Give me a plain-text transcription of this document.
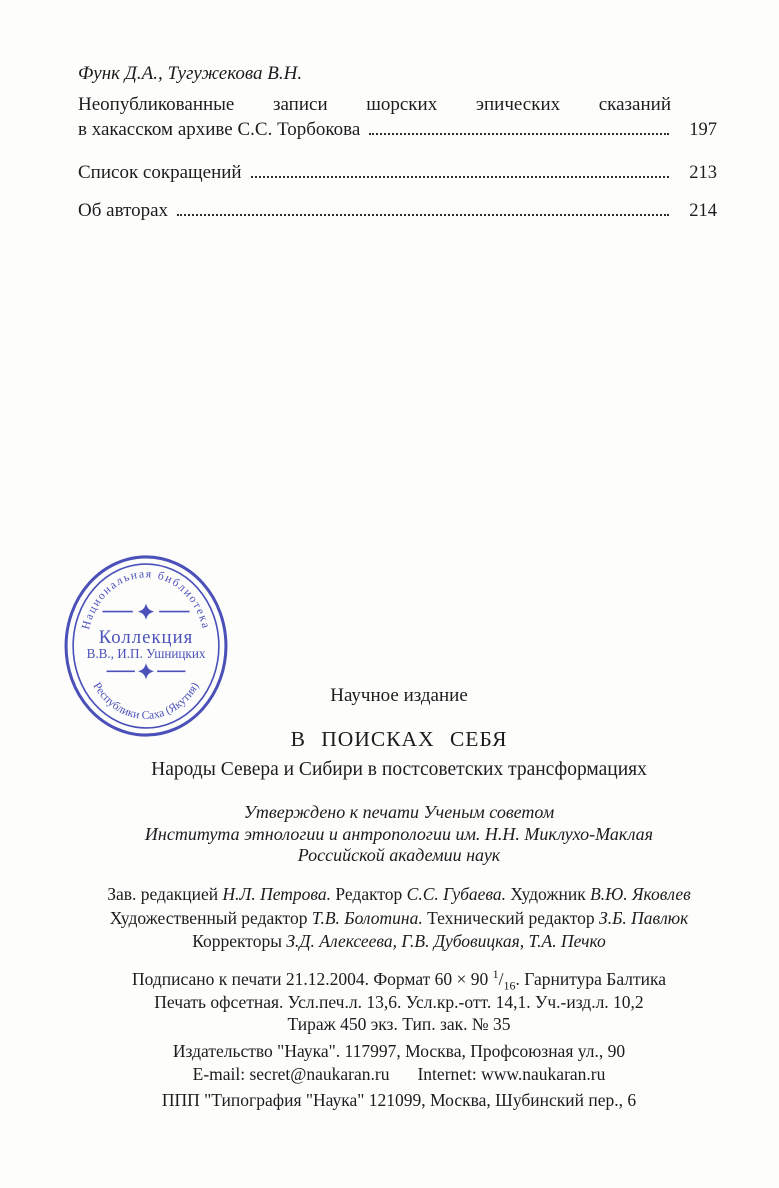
Функ Д.А., Тугужекова В.Н.
Неопубликованные записи шорских эпических сказаний
в хакасском архиве С.С. Торбокова	197
Список сокращений	213
Об авторах	214
Национальная библиотека
Республики Саха (Якутия)
Коллекция
В.В., И.П. Ушницких
Научное издание
В ПОИСКАХ СЕБЯ
Народы Севера и Сибири в постсоветских трансформациях
Утверждено к печати Ученым советом
Института этнологии и антропологии им. Н.Н. Миклухо-Маклая
Российской академии наук
Зав. редакцией Н.Л. Петрова. Редактор С.С. Губаева. Художник В.Ю. Яковлев
Художественный редактор Т.В. Болотина. Технический редактор З.Б. Павлюк
Корректоры З.Д. Алексеева, Г.В. Дубовицкая, Т.А. Печко
Подписано к печати 21.12.2004. Формат 60 × 90 $^1/_{16}$. Гарнитура Балтика
Печать офсетная. Усл.печ.л. 13,6. Усл.кр.-отт. 14,1. Уч.-изд.л. 10,2
Тираж 450 экз. Тип. зак. № 35
Издательство "Наука". 117997, Москва, Профсоюзная ул., 90
E-mail: secret@naukaran.ru Internet: www.naukaran.ru
ППП "Типография "Наука" 121099, Москва, Шубинский пер., 6
